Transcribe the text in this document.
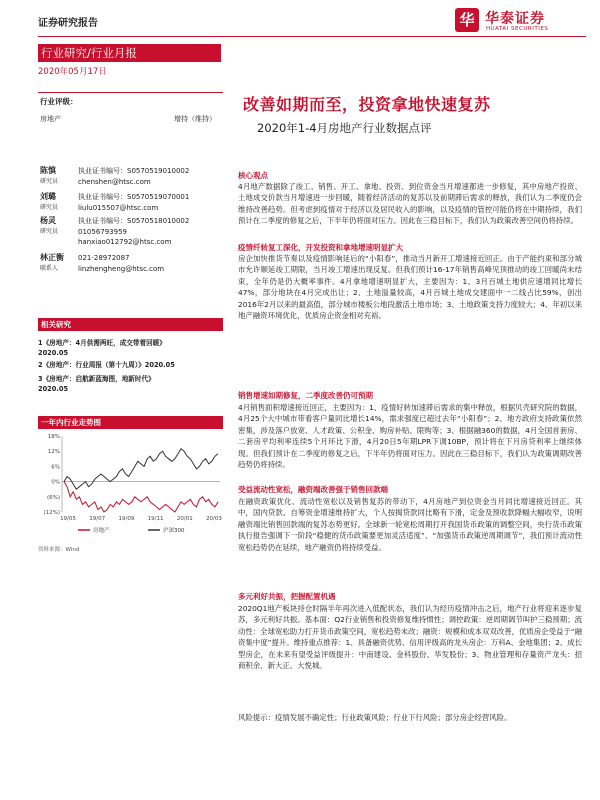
证券研究报告	华 华泰证券
HUATAI SECURITIES
行业研究/行业月报
2020年05月17日
行业评级：
房地产	增持（维持）
陈慎
研究员
执业证书编号：S0570519010002
chenshen@htsc.com
刘璐
研究员
执业证书编号：S0570519070001
liulu015507@htsc.com
杨灵
研究员
执业证书编号：S0570518010002
01056793959
hanxiao012792@htsc.com
林正衡
联系人
021-28972087
linzhengheng@htsc.com
相关研究
1《房地产：4月供需两旺，成交带着回暖》
2020.05
2《房地产：行业周报（第十九周）》2020.05
3《房地产：启航新蓝海图，地新时代》
2020.05
一年内行业走势图
18%
12%
6%
0%
(6%)
(12%)
19/05 19/07 19/09 19/11 20/01 20/03
房地产	沪深300
资料来源：Wind
改善如期而至，投资拿地快速复苏
2020年1-4月房地产行业数据点评
核心观点

4月地产数据除了竣工、销售、开工、拿地、投资、到位资金当月增速都进一步修复，其中房地产投资、土地成交价款当月增速进一步回暖，随着经济活动的复苏以及前期滞后需求的释放，我们认为二季度仍会维持改善趋势。但考虑到疫情对于经济以及居民收入的影响，以及疫情的管控可能仍将在中期持续，我们预计在二季度的修复之后，下半年仍将面对压力。因此在三稳目标下，我们认为政策改善空间仍将持续。

疫情纤转复工深化，开发投资和拿地增速明显扩大

房企加快推货节奏以及疫情影响延后的“小阳春”，推动当月新开工增速接近回正。由于产能约束和部分城市允许顺延竣工期限，当月竣工增速出现反复。但我们预计16-17年销售高峰见顶推动的竣工回暖尚未结束，全年仍是仍大概率事件。4月拿地增速明显扩大，主要因为：1、3月百城土地供应速增同比增长47%，部分地块在4月完成出让；2、土地溢量较高，4月百城土地成交建面中一二线占比59%，创出2016年2月以来的最高值，部分城市楼板公地段激活土地市场；3、土地政策支持力度较大；4、年初以来地产融资环境优化，优质房企资金相对充裕。

销售增速如期修复，二季度改善仍可预期

4月销售面积增速接近回正，主要因为：1、疫情好转加速滞后需求的集中释放，根据贝壳研究院的数据，4月25个大中城市带看客户量同比增长14%，需求强度已超过去年“小阳春”；2、地方政府支持政策依然密集，涉及落户放宽、人才政策、公积金、购房补贴、限购等；3、根据融360的数据，4月全国首套房、二套房平均利率连续5个月环比下滑，4月20日5年期LPR下调10BP，预计将在下月房贷利率上继续体现。但我们预计在二季度的修复之后，下半年仍将面对压力。因此在三稳目标下，我们认为政策调期改善趋势仍将持续。

受益流动性宽松，融资端改善强于销售回款端

在融资政策优化、流动性宽松以及销售复苏的带动下，4月房地产到位资金当月同比增速接近回正。其中，国内贷款、自筹资金增速维持扩大，个人按揭贷款同比略有下滑，定金及预收款降幅大幅收窄，说明融资端比销售回款端的复苏态势更好。全球新一轮宽松周期打开我国货币政策的调整空间，央行货币政策执行报告强调下一阶段“稳健的货币政策要更加灵活适度”、“加强货币政策逆周期调节”，我们预计流动性宽松趋势仍在延续，地产融资仍将持续受益。

多元利好共振，把握配置机遇

2020Q1地产板块持仓时隔半年再次进入低配状态，我们认为经历疫情冲击之后，地产行业将迎来逐步复苏，多元利好共振。基本面：Q2行业销售和投资修复维持惯性；调控政策：逆周期调节叫护三稳预期；流动性：全球宽松助力打开货币政策空间，宽松趋势未改；融资：规模和成本双双改善，优质房企受益于“融资集中度”提升。维持重点推荐：1、具备融资优势、信用评级高的龙头房企：万科A、金地集团；2、成长型房企，在未来有望受益评级提升：中南建设、金科股份、华发股份；3、物业管理和存量资产龙头：招商积余、新大正、大悦城。

风险提示：疫情发展不确定性；行业政策风险；行业下行风险；部分房企经营风险。
